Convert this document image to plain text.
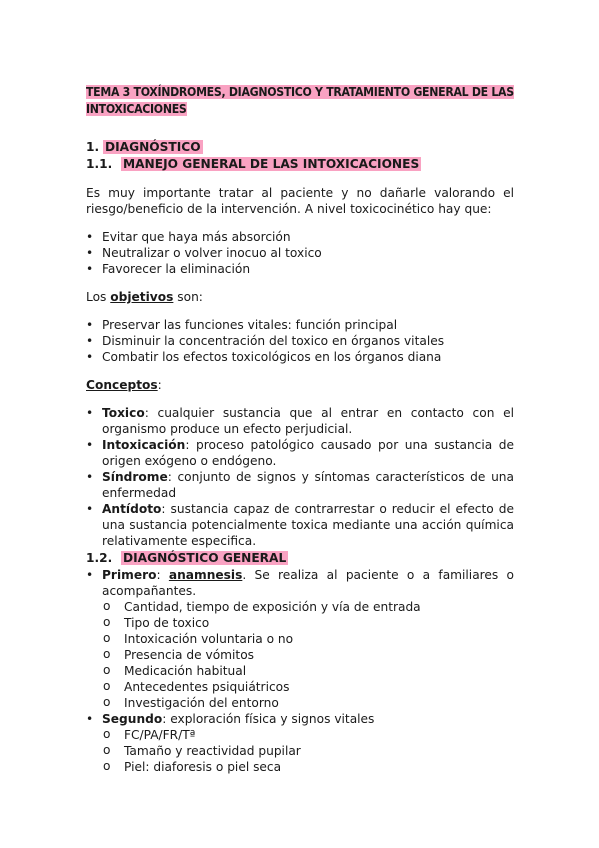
TEMA 3 TOXÍNDROMES, DIAGNOSTICO Y TRATAMIENTO GENERAL DE LAS
INTOXICACIONES
1. DIAGNÓSTICO
1.1. MANEJO GENERAL DE LAS INTOXICACIONES

Es muy importante tratar al paciente y no dañarle valorando el riesgo/beneficio de la intervención. A nivel toxicocinético hay que:

• Evitar que haya más absorción
• Neutralizar o volver inocuo al toxico
• Favorecer la eliminación

Los objetivos son:

• Preservar las funciones vitales: función principal
• Disminuir la concentración del toxico en órganos vitales
• Combatir los efectos toxicológicos en los órganos diana

Conceptos:

• Toxico: cualquier sustancia que al entrar en contacto con el organismo produce un efecto perjudicial.
• Intoxicación: proceso patológico causado por una sustancia de origen exógeno o endógeno.
• Síndrome: conjunto de signos y síntomas característicos de una enfermedad
• Antídoto: sustancia capaz de contrarrestar o reducir el efecto de una sustancia potencialmente toxica mediante una acción química relativamente especifica.
1.2. DIAGNÓSTICO GENERAL
• Primero: anamnesis. Se realiza al paciente o a familiares o acompañantes.
o Cantidad, tiempo de exposición y vía de entrada
o Tipo de toxico
o Intoxicación voluntaria o no
o Presencia de vómitos
o Medicación habitual
o Antecedentes psiquiátricos
o Investigación del entorno
• Segundo: exploración física y signos vitales
o FC/PA/FR/Tª
o Tamaño y reactividad pupilar
o Piel: diaforesis o piel seca
